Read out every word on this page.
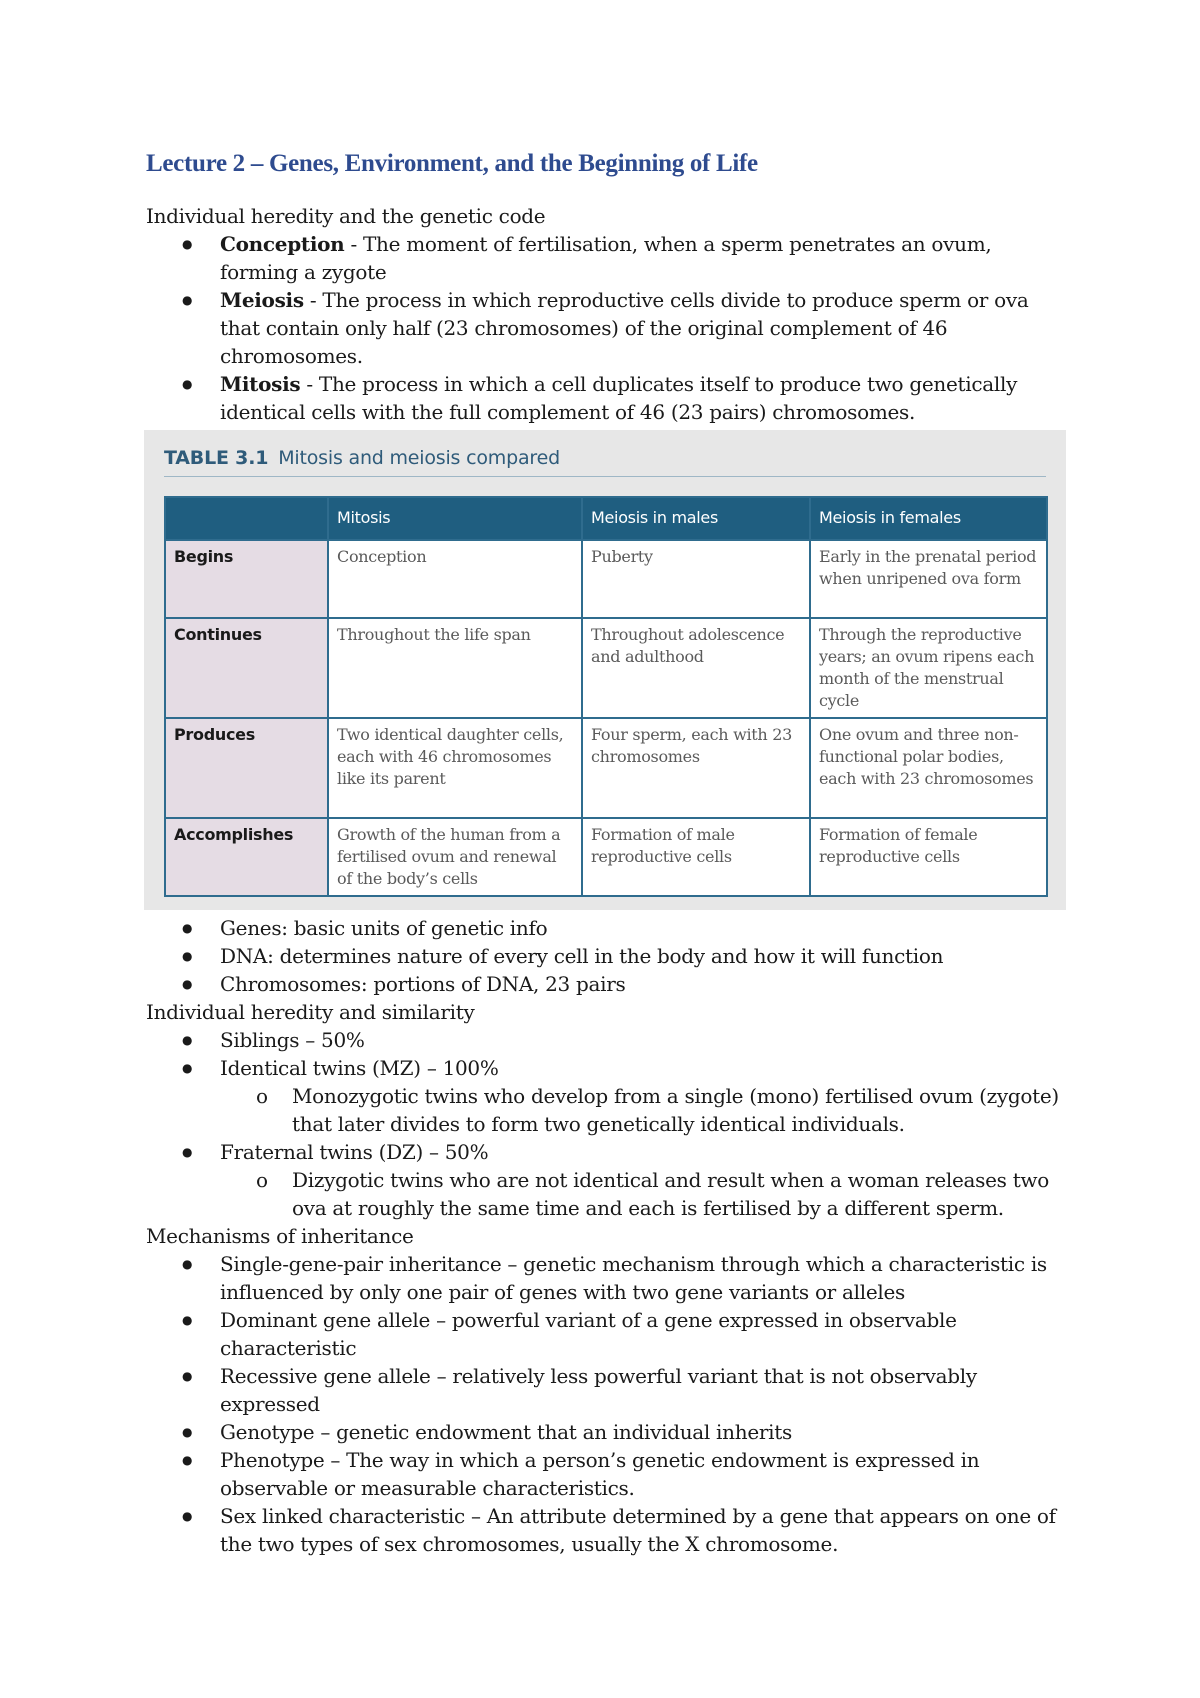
Lecture 2 – Genes, Environment, and the Beginning of Life

Individual heredity and the genetic code

● Conception - The moment of fertilisation, when a sperm penetrates an ovum, forming a zygote
● Meiosis - The process in which reproductive cells divide to produce sperm or ova that contain only half (23 chromosomes) of the original complement of 46 chromosomes.
● Mitosis - The process in which a cell duplicates itself to produce two genetically identical cells with the full complement of 46 (23 pairs) chromosomes.
TABLE 3.1 Mitosis and meiosis compared
	Mitosis	Meiosis in males	Meiosis in females
Begins	Conception	Puberty	Early in the prenatal period when unripened ova form
Continues	Throughout the life span	Throughout adolescence and adulthood	Through the reproductive years; an ovum ripens each month of the menstrual cycle
Produces	Two identical daughter cells, each with 46 chromosomes like its parent	Four sperm, each with 23 chromosomes	One ovum and three non-functional polar bodies, each with 23 chromosomes
Accomplishes	Growth of the human from a fertilised ovum and renewal of the body’s cells	Formation of male reproductive cells	Formation of female reproductive cells
● Genes: basic units of genetic info
● DNA: determines nature of every cell in the body and how it will function
● Chromosomes: portions of DNA, 23 pairs

Individual heredity and similarity

● Siblings – 50%
● Identical twins (MZ) – 100%
o Monozygotic twins who develop from a single (mono) fertilised ovum (zygote) that later divides to form two genetically identical individuals.
● Fraternal twins (DZ) – 50%
o Dizygotic twins who are not identical and result when a woman releases two ova at roughly the same time and each is fertilised by a different sperm.

Mechanisms of inheritance

● Single-gene-pair inheritance – genetic mechanism through which a characteristic is influenced by only one pair of genes with two gene variants or alleles
● Dominant gene allele – powerful variant of a gene expressed in observable characteristic
● Recessive gene allele – relatively less powerful variant that is not observably expressed
● Genotype – genetic endowment that an individual inherits
● Phenotype – The way in which a person’s genetic endowment is expressed in observable or measurable characteristics.
● Sex linked characteristic – An attribute determined by a gene that appears on one of the two types of sex chromosomes, usually the X chromosome.
